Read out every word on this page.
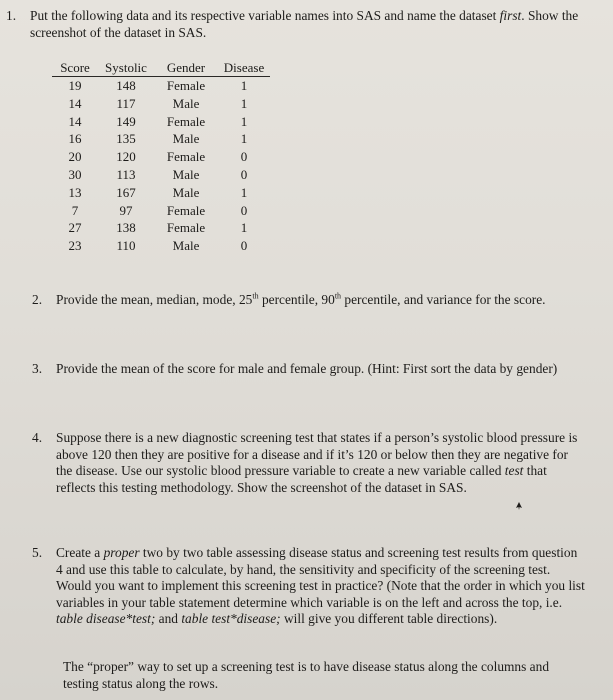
1. Put the following data and its respective variable names into SAS and name the dataset first. Show the screenshot of the dataset in SAS.
Score	Systolic	Gender	Disease
19	148	Female	1
14	117	Male	1
14	149	Female	1
16	135	Male	1
20	120	Female	0
30	113	Male	0
13	167	Male	1
7	97	Female	0
27	138	Female	1
23	110	Male	0
2. Provide the mean, median, mode, 25th percentile, 90th percentile, and variance for the score.
3. Provide the mean of the score for male and female group. (Hint: First sort the data by gender)
4. Suppose there is a new diagnostic screening test that states if a person’s systolic blood pressure is above 120 then they are positive for a disease and if it’s 120 or below then they are negative for the disease. Use our systolic blood pressure variable to create a new variable called test that reflects this testing methodology. Show the screenshot of the dataset in SAS.
5. Create a proper two by two table assessing disease status and screening test results from question 4 and use this table to calculate, by hand, the sensitivity and specificity of the screening test. Would you want to implement this screening test in practice? (Note that the order in which you list variables in your table statement determine which variable is on the left and across the top, i.e. table disease*test; and table test*disease; will give you different table directions).
The “proper” way to set up a screening test is to have disease status along the columns and testing status along the rows.
